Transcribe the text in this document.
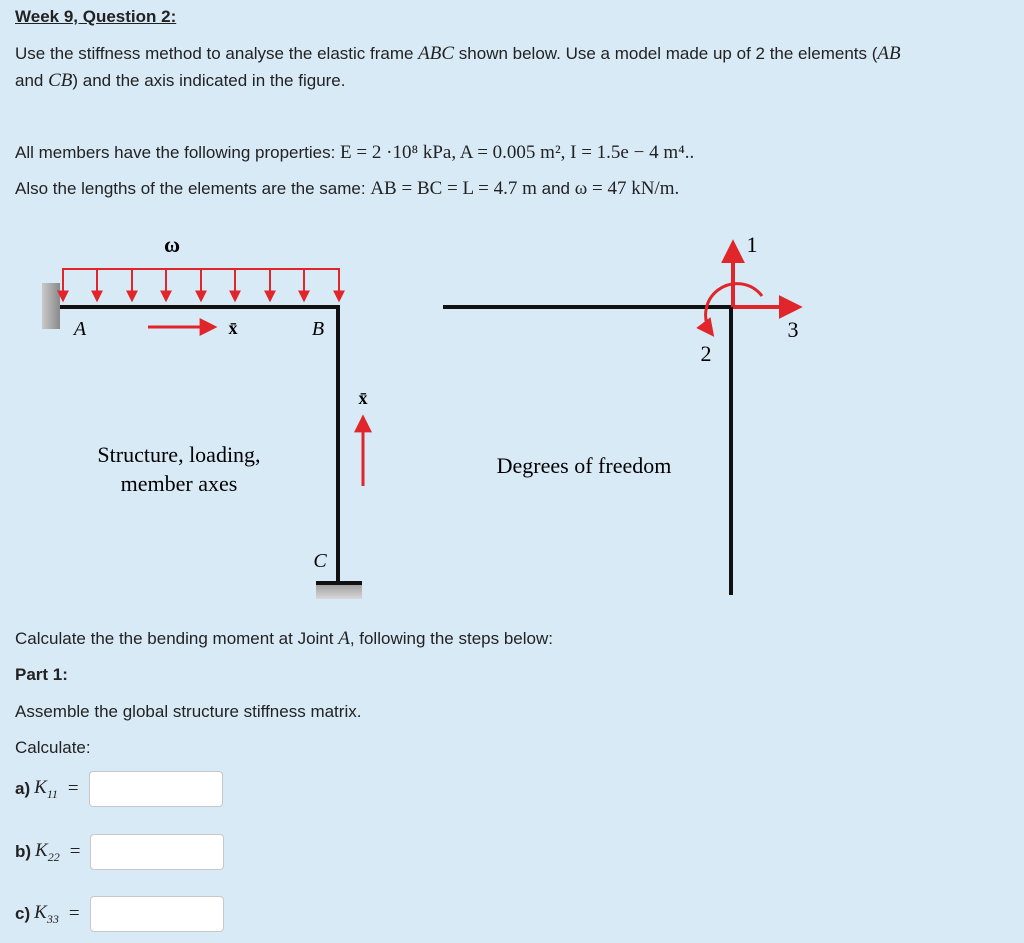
Week 9, Question 2:
Use the stiffness method to analyse the elastic frame ABC shown below. Use a model made up of 2 the elements (AB
and CB) and the axis indicated in the figure.
All members have the following properties: E = 2 ·10⁸ kPa, A = 0.005 m², I = 1.5e − 4 m⁴..
Also the lengths of the elements are the same: AB = BC = L = 4.7 m and ω = 47 kN/m.
ω
A	B
C
x̄
x̄
Structure, loading,
member axes
1
3
2
Degrees of freedom
Calculate the the bending moment at Joint A, following the steps below:
Part 1:
Assemble the global structure stiffness matrix.
Calculate:
a) $K_{11}$ =
b) $K_{22}$ =
c) $K_{33}$ =
